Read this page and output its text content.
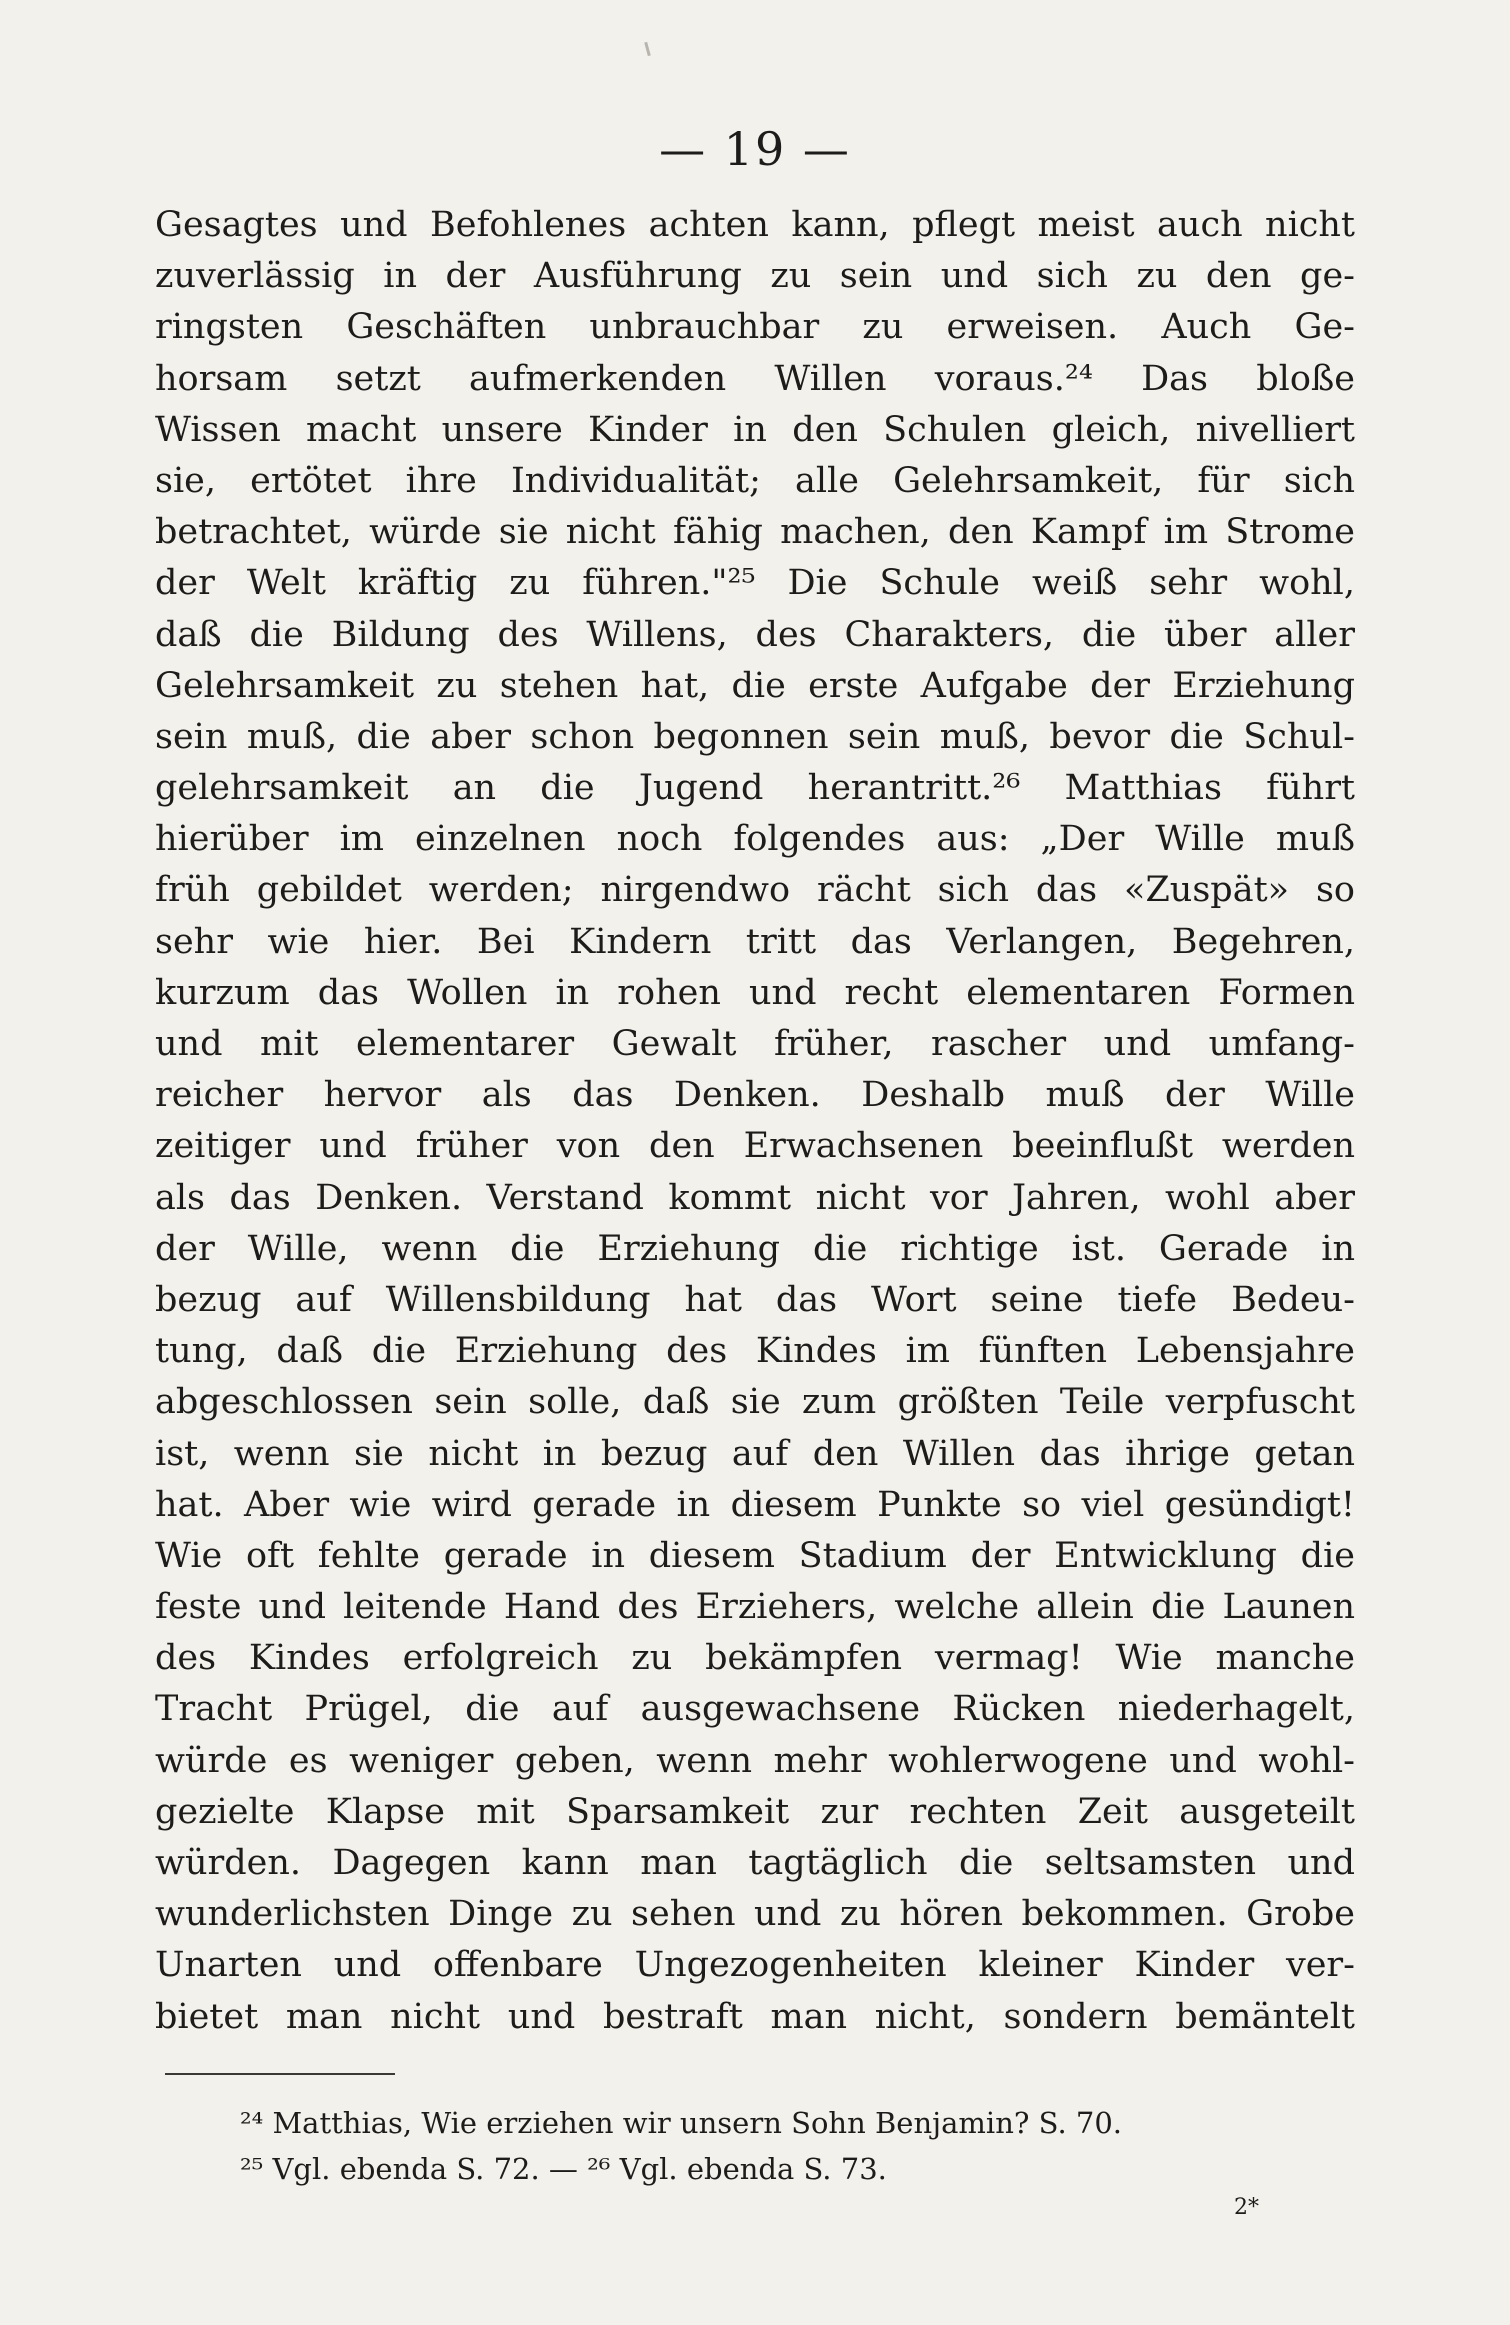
— 19 —
Gesagtes und Befohlenes achten kann, pflegt meist auch nicht
zuverlässig in der Ausführung zu sein und sich zu den ge-
ringsten Geschäften unbrauchbar zu erweisen. Auch Ge-
horsam setzt aufmerkenden Willen voraus.²⁴ Das bloße
Wissen macht unsere Kinder in den Schulen gleich, nivelliert
sie, ertötet ihre Individualität; alle Gelehrsamkeit, für sich
betrachtet, würde sie nicht fähig machen, den Kampf im Strome
der Welt kräftig zu führen."²⁵ Die Schule weiß sehr wohl,
daß die Bildung des Willens, des Charakters, die über aller
Gelehrsamkeit zu stehen hat, die erste Aufgabe der Erziehung
sein muß, die aber schon begonnen sein muß, bevor die Schul-
gelehrsamkeit an die Jugend herantritt.²⁶ Matthias führt
hierüber im einzelnen noch folgendes aus: „Der Wille muß
früh gebildet werden; nirgendwo rächt sich das «Zuspät» so
sehr wie hier. Bei Kindern tritt das Verlangen, Begehren,
kurzum das Wollen in rohen und recht elementaren Formen
und mit elementarer Gewalt früher, rascher und umfang-
reicher hervor als das Denken. Deshalb muß der Wille
zeitiger und früher von den Erwachsenen beeinflußt werden
als das Denken. Verstand kommt nicht vor Jahren, wohl aber
der Wille, wenn die Erziehung die richtige ist. Gerade in
bezug auf Willensbildung hat das Wort seine tiefe Bedeu-
tung, daß die Erziehung des Kindes im fünften Lebensjahre
abgeschlossen sein solle, daß sie zum größten Teile verpfuscht
ist, wenn sie nicht in bezug auf den Willen das ihrige getan
hat. Aber wie wird gerade in diesem Punkte so viel gesündigt!
Wie oft fehlte gerade in diesem Stadium der Entwicklung die
feste und leitende Hand des Erziehers, welche allein die Launen
des Kindes erfolgreich zu bekämpfen vermag! Wie manche
Tracht Prügel, die auf ausgewachsene Rücken niederhagelt,
würde es weniger geben, wenn mehr wohlerwogene und wohl-
gezielte Klapse mit Sparsamkeit zur rechten Zeit ausgeteilt
würden. Dagegen kann man tagtäglich die seltsamsten und
wunderlichsten Dinge zu sehen und zu hören bekommen. Grobe
Unarten und offenbare Ungezogenheiten kleiner Kinder ver-
bietet man nicht und bestraft man nicht, sondern bemäntelt
²⁴ Matthias, Wie erziehen wir unsern Sohn Benjamin? S. 70.
²⁵ Vgl. ebenda S. 72. — ²⁶ Vgl. ebenda S. 73.
2*
